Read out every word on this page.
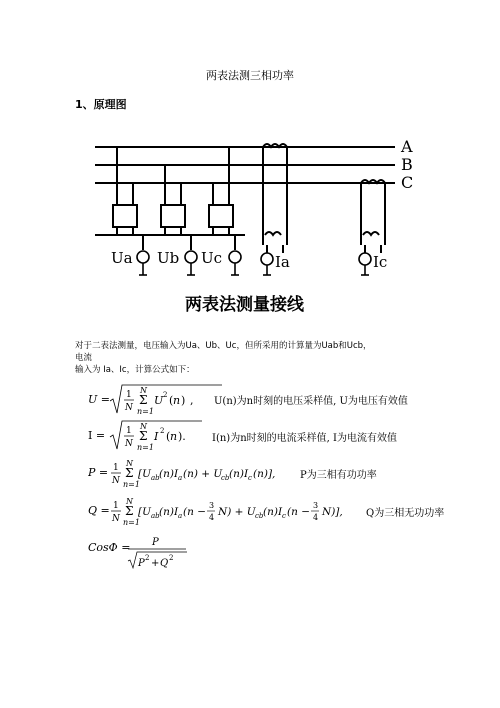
两表法测三相功率
1、原理图
A
B
C
Ua Ub Uc	Ia	Ic
两表法测量接线
对于二表法测量，电压输入为Ua、Ub、Uc，但所采用的计算量为Uab和Ucb，
电流
输入为 Ia、Ic，计算公式如下：
U = 1
N
N
Σ
n=1
U 2 ( n ) , U(n)为n时刻的电压采样值, U为电压有效值
I = 1
N
N
Σ
n=1
I 2 ( n ).	I(n)为n时刻的电流采样值, I为电流有效值
P = 1
N
N
Σ
n=1
[U ab (n)I a (n) + U
cb (n)I c (n)], P为三相有功功率
Q = 1
N
N
Σ
n=1
[U ab (n)I a (n −
3
4 N) + U cb (n)I c (n −
3
4 N)], Q为三相无功功率
CosΦ = P
P 2 + Q 2
